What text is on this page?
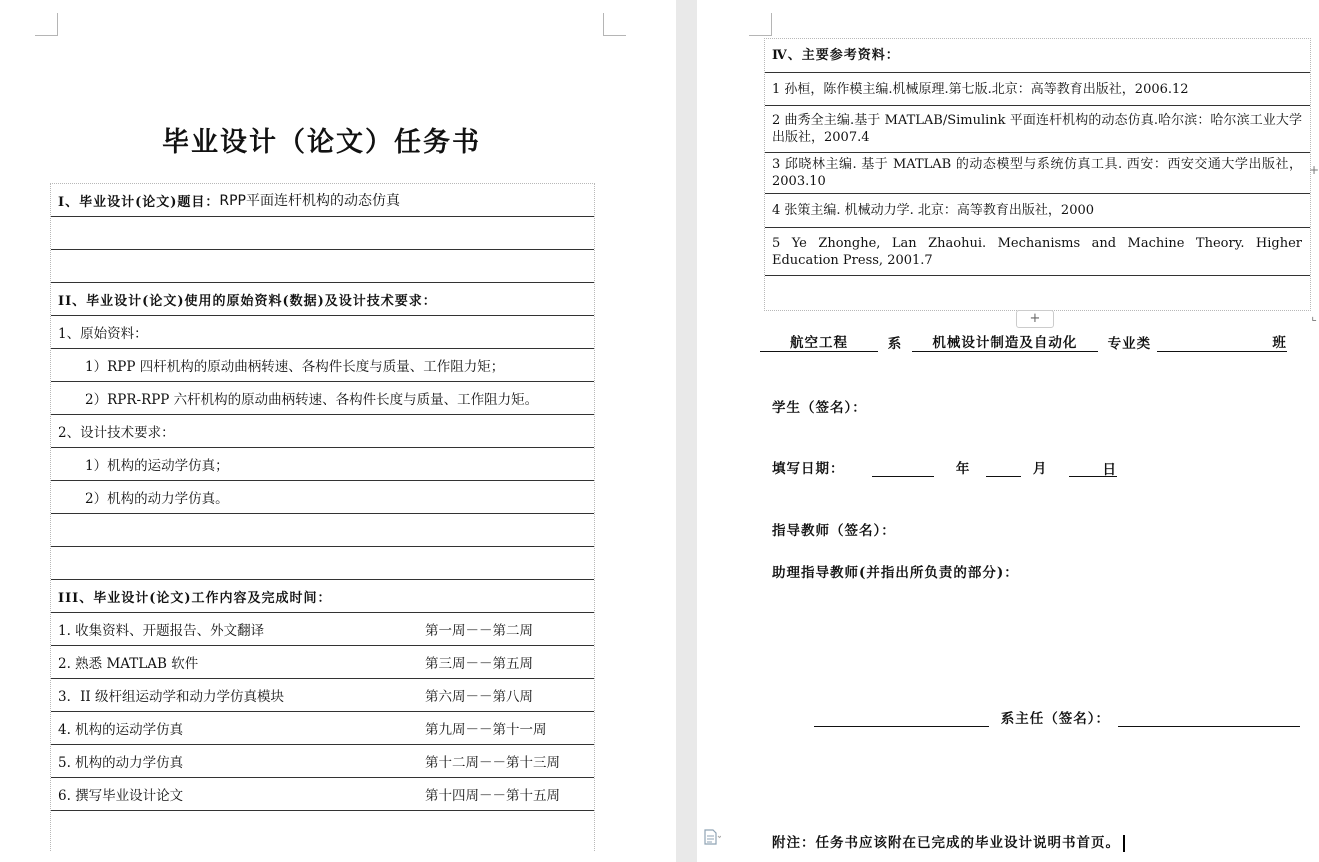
毕业设计（论文）任务书
I、毕业设计(论文)题目： RPP平面连杆机构的动态仿真
II、毕业设计(论文)使用的原始资料(数据)及设计技术要求：
1、原始资料：
1）RPP 四杆机构的原动曲柄转速、各构件长度与质量、工作阻力矩；
2）RPR-RPP 六杆机构的原动曲柄转速、各构件长度与质量、工作阻力矩。
2、设计技术要求：
1）机构的运动学仿真；
2）机构的动力学仿真。
III、毕业设计(论文)工作内容及完成时间：
1. 收集资料、开题报告、外文翻译	第一周－－第二周
2. 熟悉 MATLAB 软件	第三周－－第五周
3．II 级杆组运动学和动力学仿真模块	第六周－－第八周
4. 机构的运动学仿真	第九周－－第十一周
5. 机构的动力学仿真	第十二周－－第十三周
6. 撰写毕业设计论文	第十四周－－第十五周
Ⅳ、主要参考资料：
1 孙桓，陈作模主编.机械原理.第七版.北京：高等教育出版社，2006.12
2 曲秀全主编.基于 MATLAB/Simulink 平面连杆机构的动态仿真.哈尔滨：哈尔滨工业大学出版社，2007.4
3 邱晓林主编. 基于 MATLAB 的动态模型与系统仿真工具. 西安：西安交通大学出版社，2003.10
4 张策主编. 机械动力学. 北京：高等教育出版社，2000
5 Ye Zhonghe, Lan Zhaohui. Mechanisms and Machine Theory. Higher Education Press, 2001.7
+
+
⌞
航空工程	系 机械设计制造及自动化 专业类	班
学生（签名）：
填写日期：	年	月	日
指导教师（签名）：
助理指导教师(并指出所负责的部分)：
系主任（签名）：
附注：任务书应该附在已完成的毕业设计说明书首页。
